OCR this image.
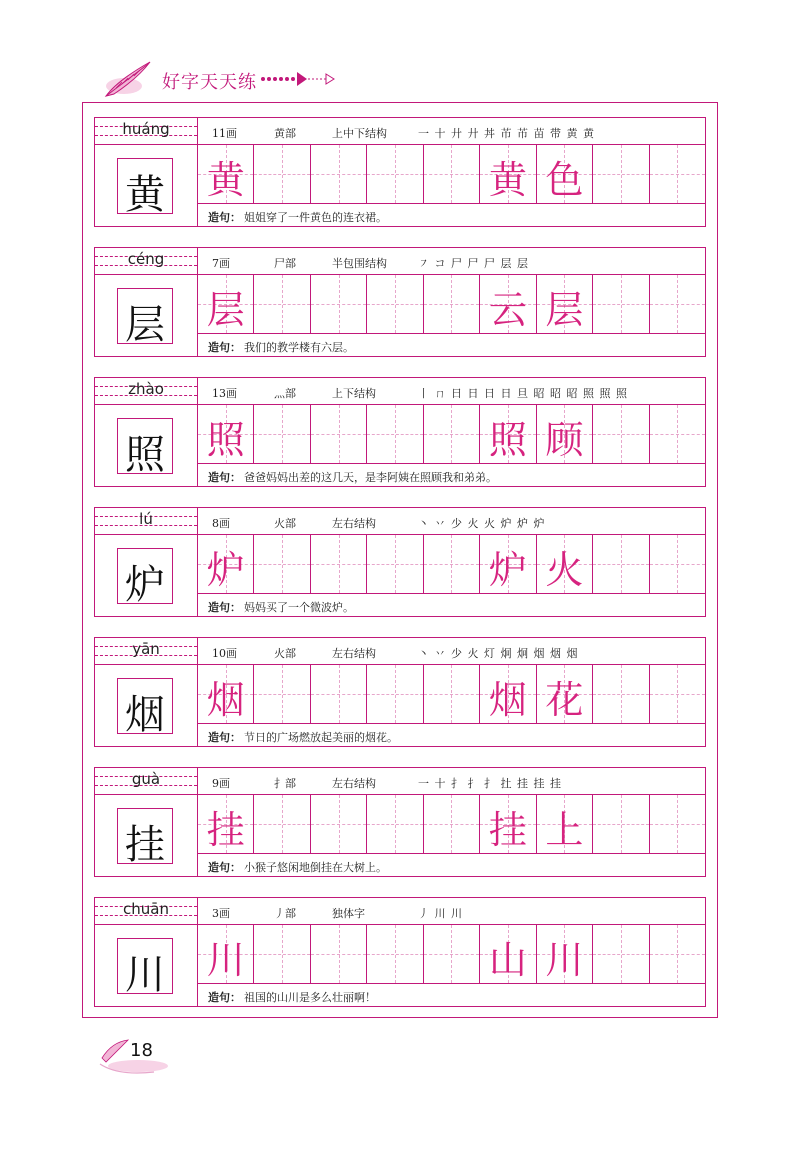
好字天天练
huáng
黄
11画	黄部	上中下结构	一 十 廾 廾 丼 芇 芇 苗 带 黄 黄
黄	黄 色
造句： 姐姐穿了一件黄色的连衣裙。
céng
层
7画	尸部	半包围结构	㇇ コ 尸 尸 尸 层 层
层	云 层
造句： 我们的教学楼有六层。
zhào
照
13画	灬部	上下结构	丨 ㄇ 日 日 日 日 旦 昭 昭 昭 照 照 照
照	照 顾
造句： 爸爸妈妈出差的这几天，是李阿姨在照顾我和弟弟。
lú
炉
8画	火部	左右结构	丶 丷 少 火 火 炉 炉 炉
炉	炉 火
造句： 妈妈买了一个微波炉。
yān
烟
10画	火部	左右结构	丶 丷 少 火 灯 炯 炯 烟 烟 烟
烟	烟 花
造句： 节日的广场燃放起美丽的烟花。
guà
挂
9画	扌部	左右结构	一 十 扌 扌 扌 扗 挂 挂 挂
挂	挂 上
造句： 小猴子悠闲地倒挂在大树上。
chuān
川
3画	丿部	独体字	丿 川 川
川	山 川
造句： 祖国的山川是多么壮丽啊！
18
